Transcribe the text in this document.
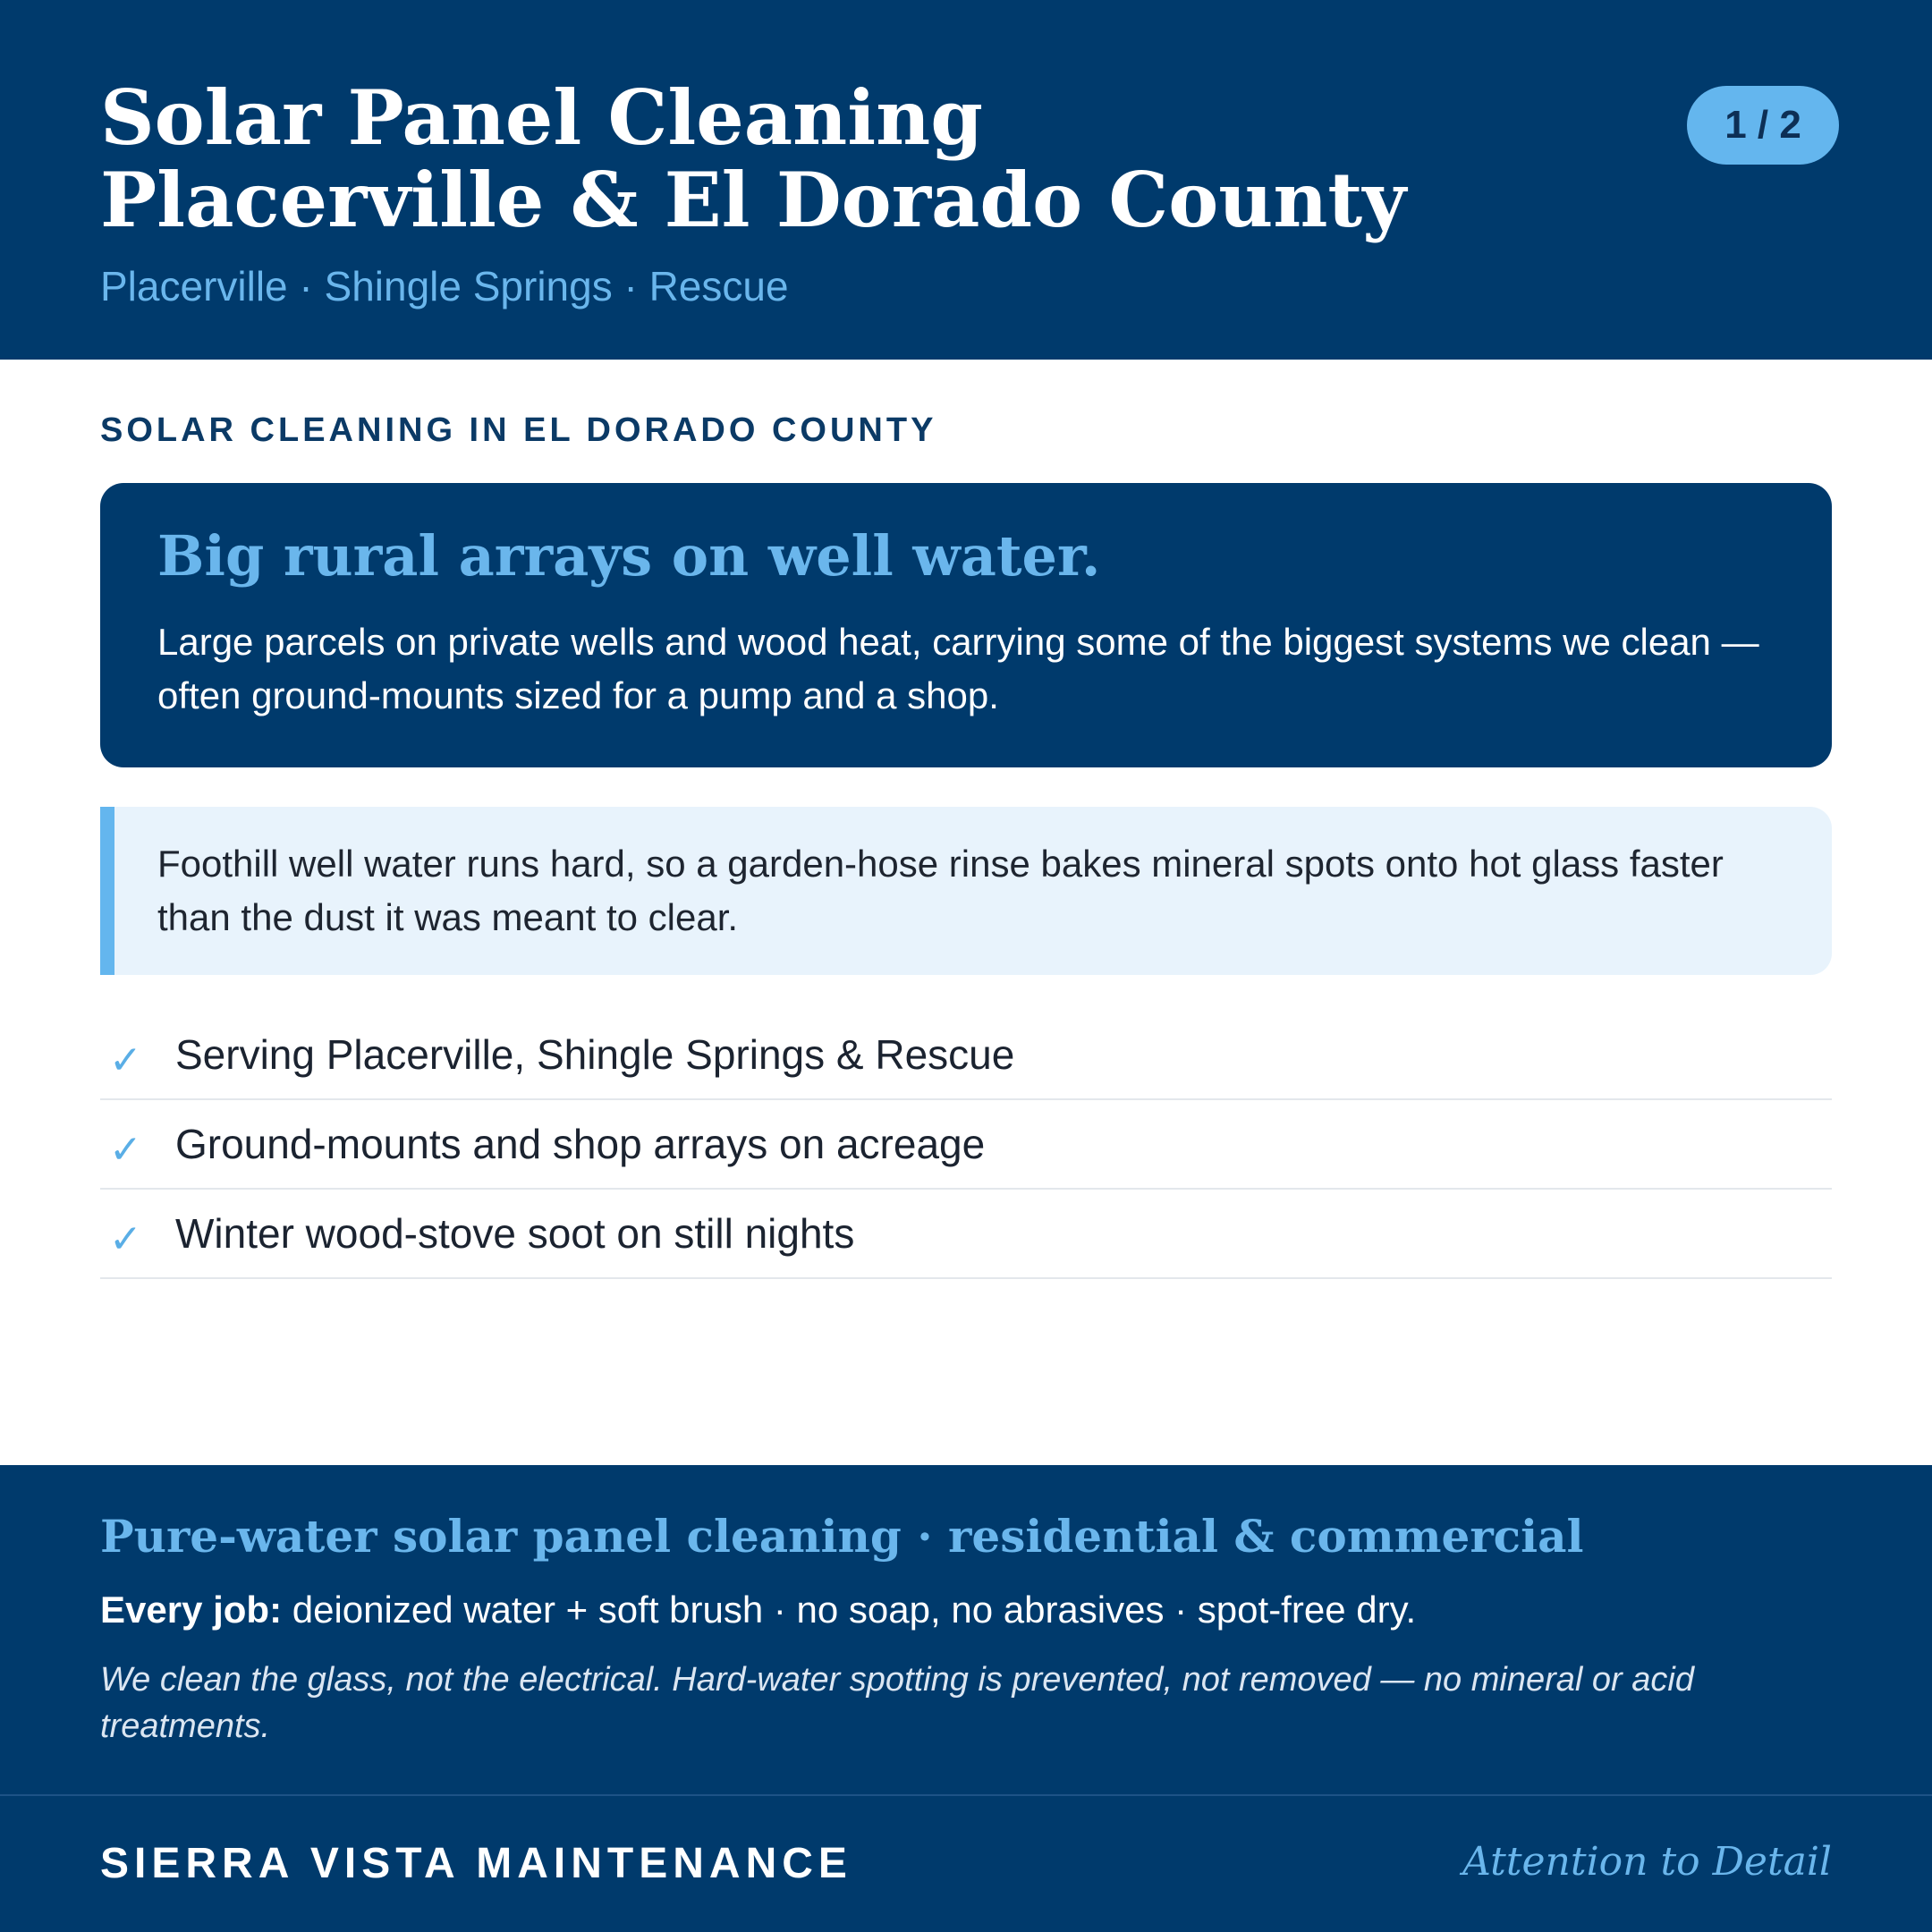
Solar Panel Cleaning
Placerville & El Dorado County
Placerville · Shingle Springs · Rescue
1 / 2
SOLAR CLEANING IN EL DORADO COUNTY
Big rural arrays on well water.

Large parcels on private wells and wood heat, carrying some of the biggest systems we clean — often ground-mounts sized for a pump and a shop.

Foothill well water runs hard, so a garden-hose rinse bakes mineral spots onto hot glass faster than the dust it was meant to clear.

✓ Serving Placerville, Shingle Springs & Rescue
✓ Ground-mounts and shop arrays on acreage
✓ Winter wood-stove soot on still nights
Pure-water solar panel cleaning · residential & commercial

Every job: deionized water + soft brush · no soap, no abrasives · spot-free dry.

We clean the glass, not the electrical. Hard-water spotting is prevented, not removed — no mineral or acid treatments.

SIERRA VISTA MAINTENANCE	Attention to Detail
